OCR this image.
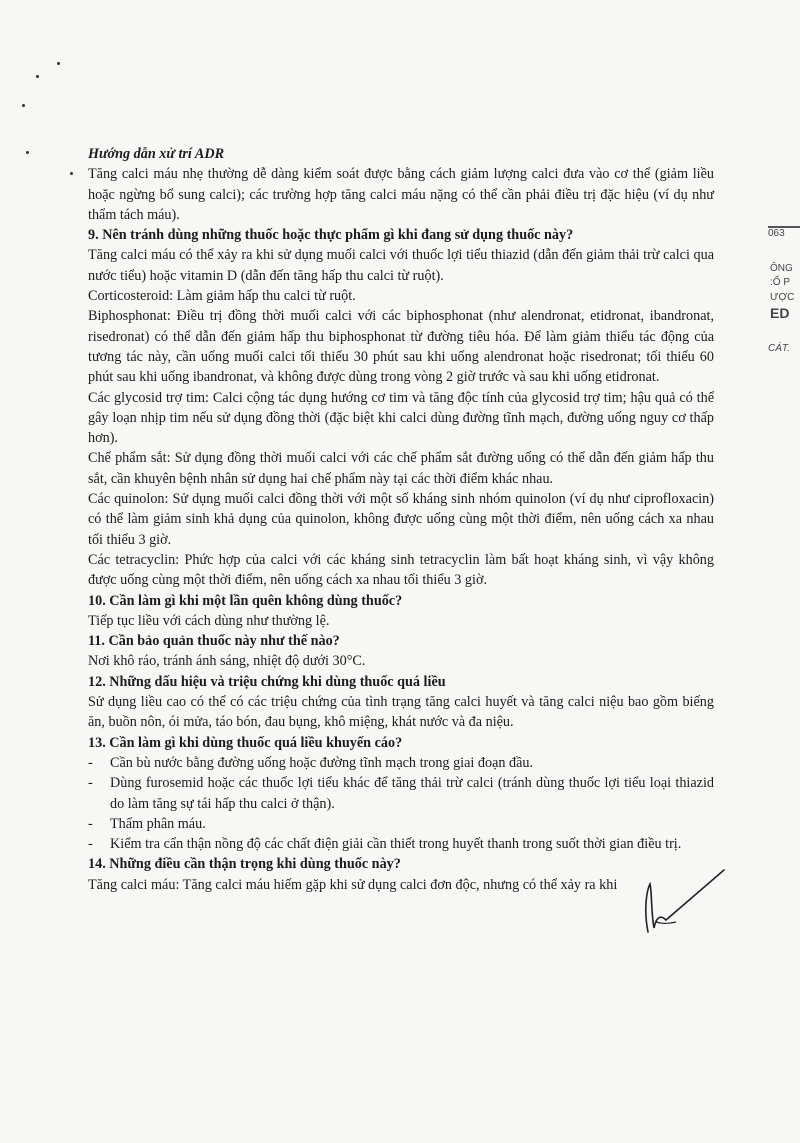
063
ÔNG
:Ố P
ƯỢC
ED
CÁT.

Hướng dẫn xử trí ADR

Tăng calci máu nhẹ thường dễ dàng kiểm soát được bằng cách giảm lượng calci đưa vào cơ thể (giảm liều hoặc ngừng bổ sung calci); các trường hợp tăng calci máu nặng có thể cần phải điều trị đặc hiệu (ví dụ như thẩm tách máu).

9. Nên tránh dùng những thuốc hoặc thực phẩm gì khi đang sử dụng thuốc này?

Tăng calci máu có thể xảy ra khi sử dụng muối calci với thuốc lợi tiểu thiazid (dẫn đến giảm thải trừ calci qua nước tiểu) hoặc vitamin D (dẫn đến tăng hấp thu calci từ ruột).

Corticosteroid: Làm giảm hấp thu calci từ ruột.

Biphosphonat: Điều trị đồng thời muối calci với các biphosphonat (như alendronat, etidronat, ibandronat, risedronat) có thể dẫn đến giảm hấp thu biphosphonat từ đường tiêu hóa. Để làm giảm thiểu tác động của tương tác này, cần uống muối calci tối thiểu 30 phút sau khi uống alendronat hoặc risedronat; tối thiểu 60 phút sau khi uống ibandronat, và không được dùng trong vòng 2 giờ trước và sau khi uống etidronat.

Các glycosid trợ tim: Calci cộng tác dụng hướng cơ tim và tăng độc tính của glycosid trợ tim; hậu quả có thể gây loạn nhịp tim nếu sử dụng đồng thời (đặc biệt khi calci dùng đường tĩnh mạch, đường uống nguy cơ thấp hơn).

Chế phẩm sắt: Sử dụng đồng thời muối calci với các chế phẩm sắt đường uống có thể dẫn đến giảm hấp thu sắt, cần khuyên bệnh nhân sử dụng hai chế phẩm này tại các thời điểm khác nhau.

Các quinolon: Sử dụng muối calci đồng thời với một số kháng sinh nhóm quinolon (ví dụ như ciprofloxacin) có thể làm giảm sinh khả dụng của quinolon, không được uống cùng một thời điểm, nên uống cách xa nhau tối thiểu 3 giờ.

Các tetracyclin: Phức hợp của calci với các kháng sinh tetracyclin làm bất hoạt kháng sinh, vì vậy không được uống cùng một thời điểm, nên uống cách xa nhau tối thiểu 3 giờ.

10. Cần làm gì khi một lần quên không dùng thuốc?

Tiếp tục liều với cách dùng như thường lệ.

11. Cần bảo quản thuốc này như thế nào?

Nơi khô ráo, tránh ánh sáng, nhiệt độ dưới 30°C.

12. Những dấu hiệu và triệu chứng khi dùng thuốc quá liều

Sử dụng liều cao có thể có các triệu chứng của tình trạng tăng calci huyết và tăng calci niệu bao gồm biếng ăn, buồn nôn, ói mửa, táo bón, đau bụng, khô miệng, khát nước và đa niệu.

13. Cần làm gì khi dùng thuốc quá liều khuyến cáo?

-	Cần bù nước bằng đường uống hoặc đường tĩnh mạch trong giai đoạn đầu.
-	Dùng furosemid hoặc các thuốc lợi tiểu khác để tăng thải trừ calci (tránh dùng thuốc lợi tiểu loại thiazid do làm tăng sự tái hấp thu calci ở thận).
-	Thẩm phân máu.
-	Kiểm tra cẩn thận nồng độ các chất điện giải cần thiết trong huyết thanh trong suốt thời gian điều trị.

14. Những điều cần thận trọng khi dùng thuốc này?

Tăng calci máu: Tăng calci máu hiếm gặp khi sử dụng calci đơn độc, nhưng có thể xảy ra khi
